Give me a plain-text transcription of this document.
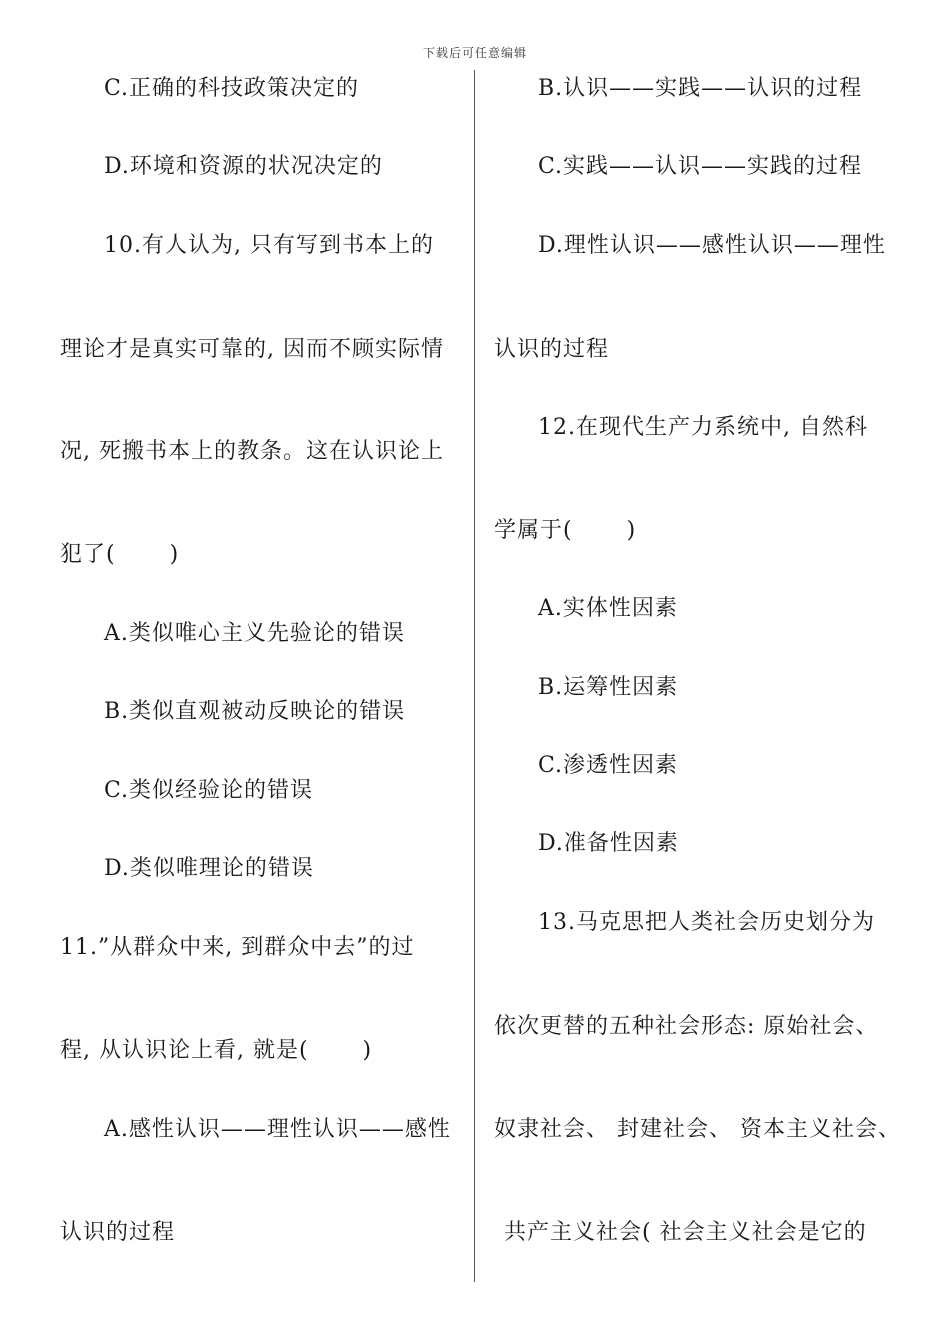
下载后可任意编辑
C.正确的科技政策决定的
D.环境和资源的状况决定的
10.有人认为, 只有写到书本上的
理论才是真实可靠的, 因而不顾实际情
况, 死搬书本上的教条。这在认识论上
犯了(　　 )
A.类似唯心主义先验论的错误
B.类似直观被动反映论的错误
C.类似经验论的错误
D.类似唯理论的错误
11.”从群众中来, 到群众中去”的过
程, 从认识论上看, 就是(　　 )
A.感性认识——理性认识——感性
认识的过程
B.认识——实践——认识的过程
C.实践——认识——实践的过程
D.理性认识——感性认识——理性
认识的过程
12.在现代生产力系统中, 自然科
学属于(　　 )
A.实体性因素
B.运筹性因素
C.渗透性因素
D.准备性因素
13.马克思把人类社会历史划分为
依次更替的五种社会形态: 原始社会、
奴隶社会、 封建社会、 资本主义社会、
共产主义社会( 社会主义社会是它的
